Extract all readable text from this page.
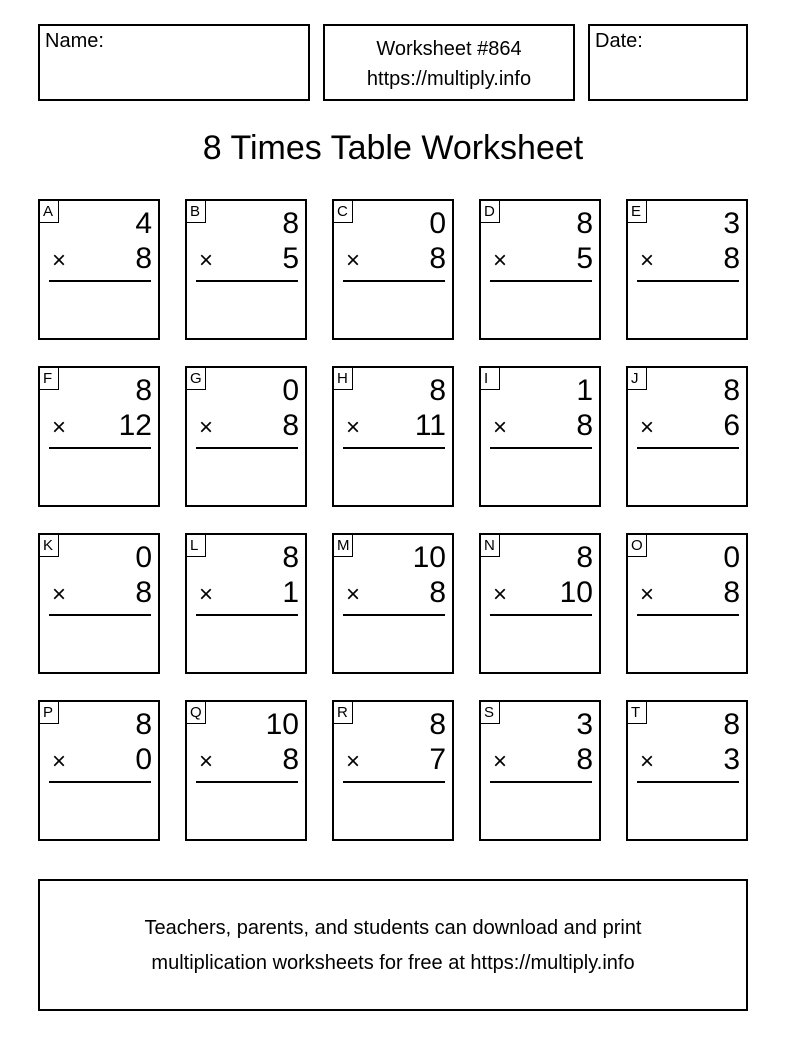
Name:	Worksheet #864
https://multiply.info
Date:
8 Times Table Worksheet
A	4
× 8
B	8
× 5
C	0
× 8
D	8
× 5
E	3
× 8
F	8
× 12
G	0
× 8
H	8
× 11
I	1
× 8
J	8
× 6
K	0
× 8
L	8
× 1
M 10
× 8
N	8
× 10
O	0
× 8
P	8
× 0
Q 10
× 8
R	8
× 7
S	3
× 8
T	8
× 3
Teachers, parents, and students can download and print
multiplication worksheets for free at https://multiply.info
